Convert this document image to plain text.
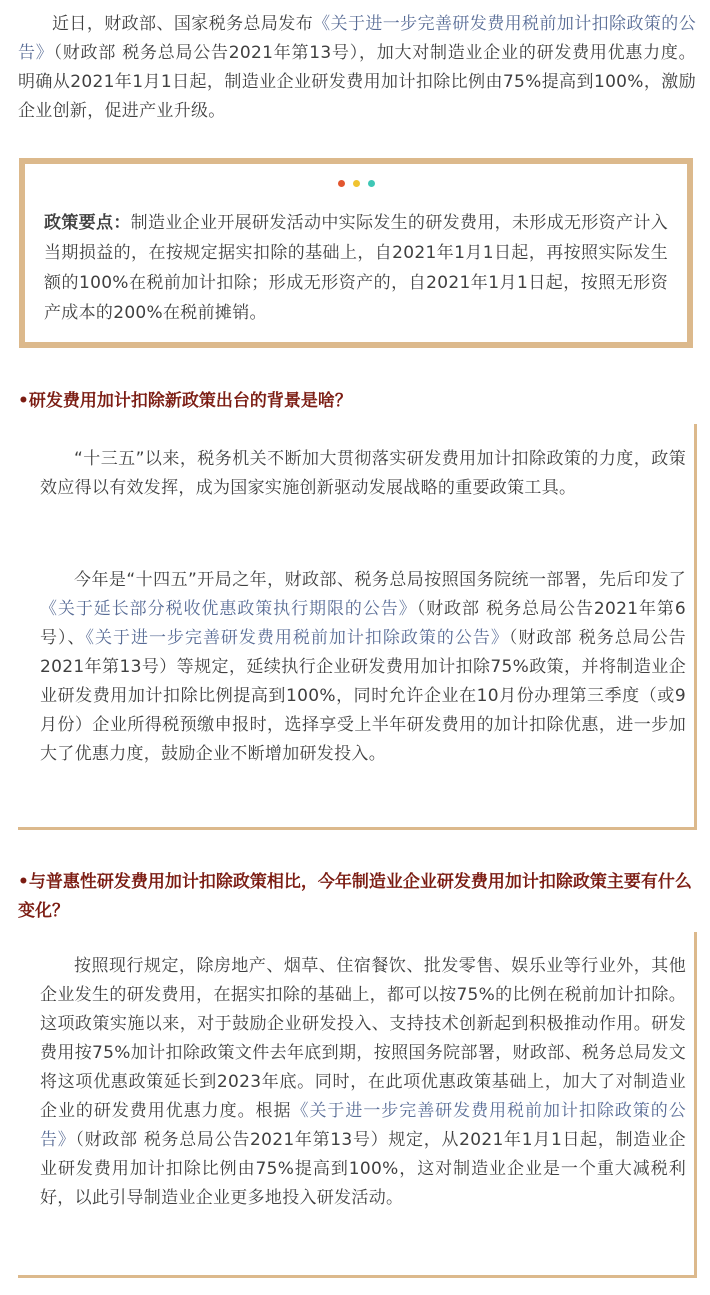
近日，财政部、国家税务总局发布《关于进一步完善研发费用税前加计扣除政策的公告》（财政部 税务总局公告2021年第13号），加大对制造业企业的研发费用优惠力度。明确从2021年1月1日起，制造业企业研发费用加计扣除比例由75%提高到100%，激励企业创新，促进产业升级。

政策要点：制造业企业开展研发活动中实际发生的研发费用，未形成无形资产计入当期损益的，在按规定据实扣除的基础上，自2021年1月1日起，再按照实际发生额的100%在税前加计扣除；形成无形资产的，自2021年1月1日起，按照无形资产成本的200%在税前摊销。

•研发费用加计扣除新政策出台的背景是啥？

“十三五”以来，税务机关不断加大贯彻落实研发费用加计扣除政策的力度，政策效应得以有效发挥，成为国家实施创新驱动发展战略的重要政策工具。

今年是“十四五”开局之年，财政部、税务总局按照国务院统一部署，先后印发了《关于延长部分税收优惠政策执行期限的公告》（财政部 税务总局公告2021年第6号）、《关于进一步完善研发费用税前加计扣除政策的公告》（财政部 税务总局公告2021年第13号）等规定，延续执行企业研发费用加计扣除75%政策，并将制造业企业研发费用加计扣除比例提高到100%，同时允许企业在10月份办理第三季度（或9月份）企业所得税预缴申报时，选择享受上半年研发费用的加计扣除优惠，进一步加大了优惠力度，鼓励企业不断增加研发投入。

•与普惠性研发费用加计扣除政策相比，今年制造业企业研发费用加计扣除政策主要有什么变化？

按照现行规定，除房地产、烟草、住宿餐饮、批发零售、娱乐业等行业外，其他企业发生的研发费用，在据实扣除的基础上，都可以按75%的比例在税前加计扣除。这项政策实施以来，对于鼓励企业研发投入、支持技术创新起到积极推动作用。研发费用按75%加计扣除政策文件去年底到期，按照国务院部署，财政部、税务总局发文将这项优惠政策延长到2023年底。同时，在此项优惠政策基础上，加大了对制造业企业的研发费用优惠力度。根据《关于进一步完善研发费用税前加计扣除政策的公告》（财政部 税务总局公告2021年第13号）规定，从2021年1月1日起，制造业企业研发费用加计扣除比例由75%提高到100%，这对制造业企业是一个重大减税利好，以此引导制造业企业更多地投入研发活动。
